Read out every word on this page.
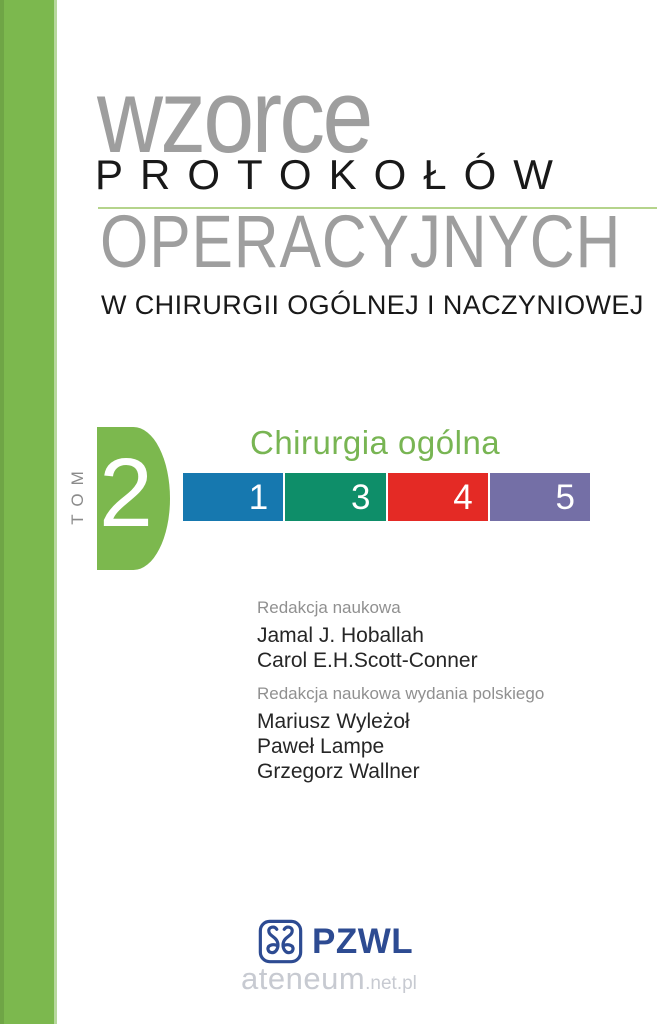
wzorce
PROTOKOŁÓW
OPERACYJNYCH
W CHIRURGII OGÓLNEJ I NACZYNIOWEJ
TOM 2	Chirurgia ogólna
1	3	4	5
Redakcja naukowa
Jamal J. Hoballah
Carol E.H.Scott-Conner
Redakcja naukowa wydania polskiego
Mariusz Wyleżoł
Paweł Lampe
Grzegorz Wallner
PZWL
ateneum .net.pl
